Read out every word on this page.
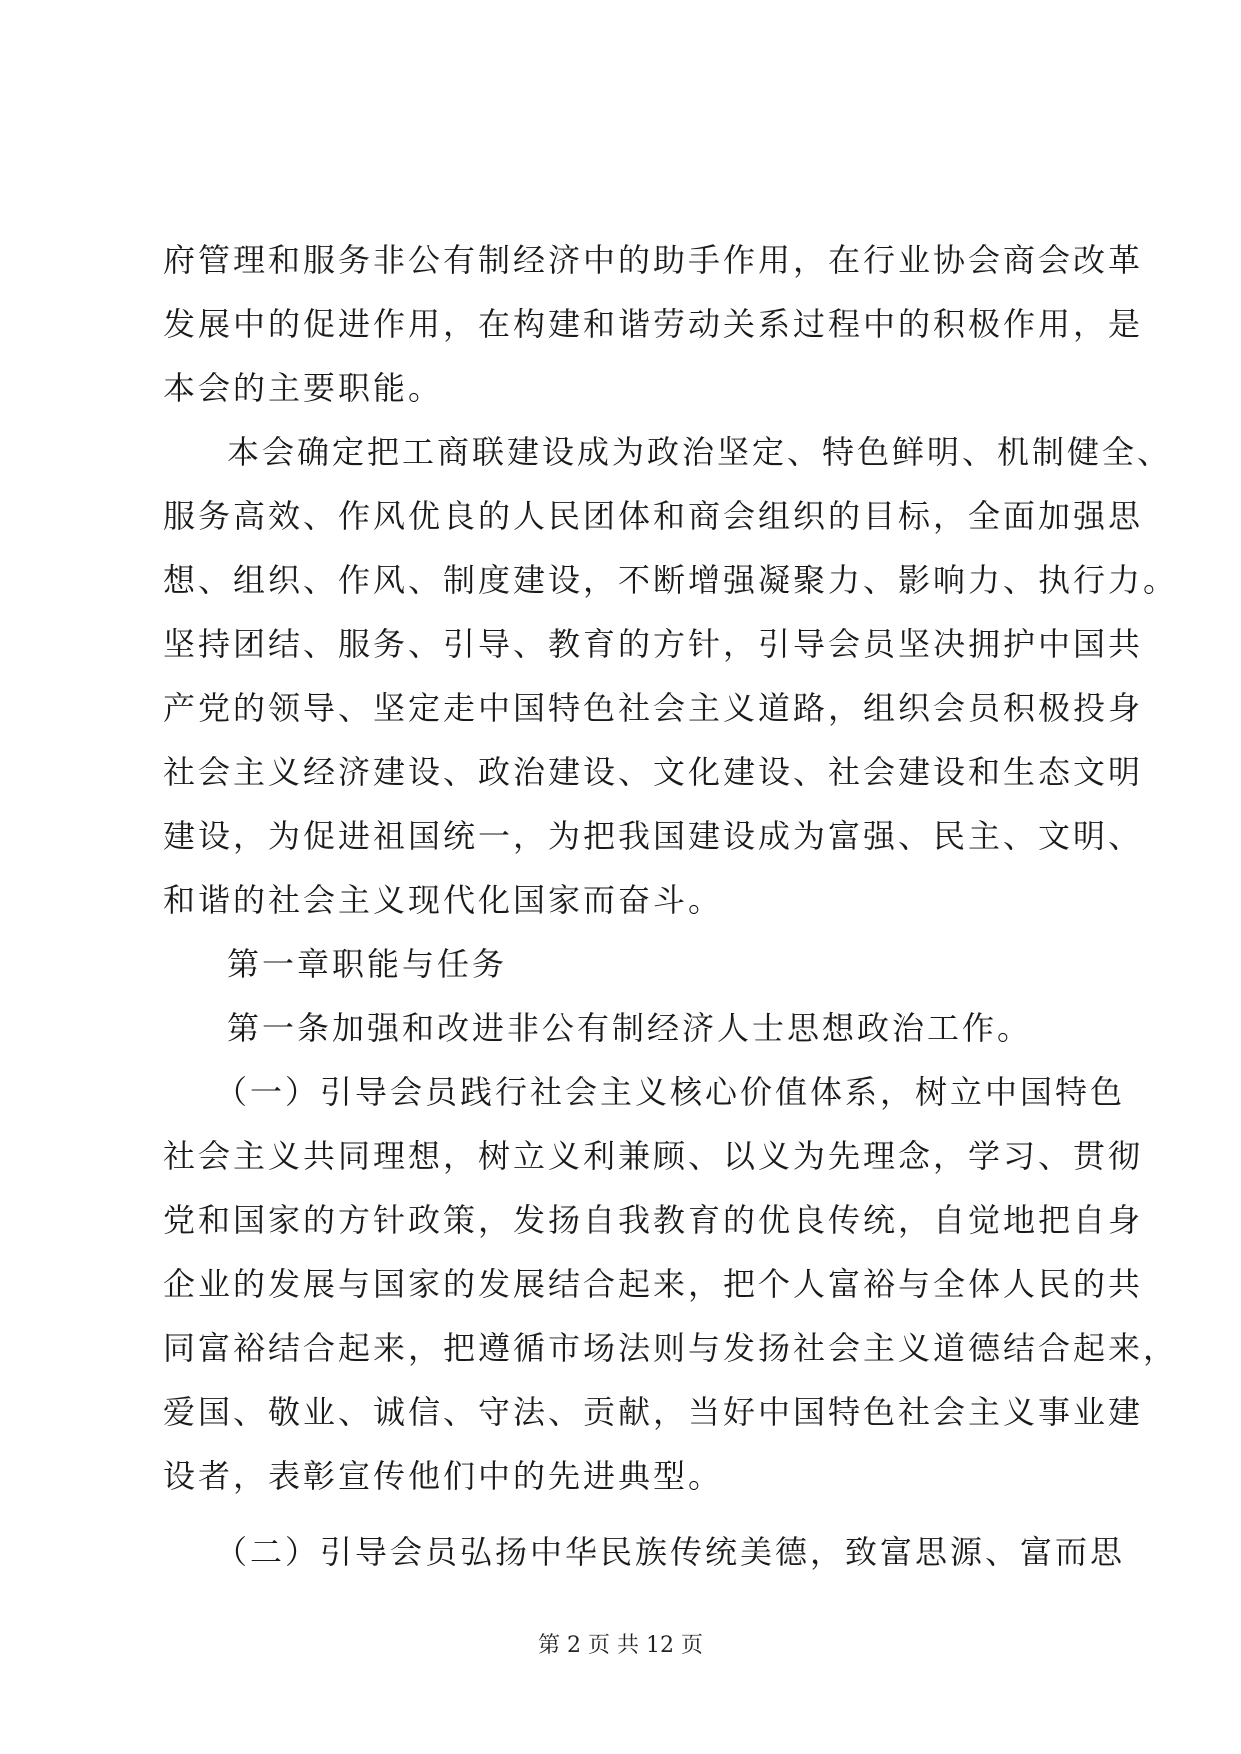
府管理和服务非公有制经济中的助手作用，在行业协会商会改革

发展中的促进作用，在构建和谐劳动关系过程中的积极作用，是

本会的主要职能。

本会确定把工商联建设成为政治坚定、特色鲜明、机制健全、

服务高效、作风优良的人民团体和商会组织的目标，全面加强思

想、组织、作风、制度建设，不断增强凝聚力、影响力、执行力。

坚持团结、服务、引导、教育的方针，引导会员坚决拥护中国共

产党的领导、坚定走中国特色社会主义道路，组织会员积极投身

社会主义经济建设、政治建设、文化建设、社会建设和生态文明

建设，为促进祖国统一，为把我国建设成为富强、民主、文明、

和谐的社会主义现代化国家而奋斗。

第一章职能与任务

第一条加强和改进非公有制经济人士思想政治工作。

（一）引导会员践行社会主义核心价值体系，树立中国特色

社会主义共同理想，树立义利兼顾、以义为先理念，学习、贯彻

党和国家的方针政策，发扬自我教育的优良传统，自觉地把自身

企业的发展与国家的发展结合起来，把个人富裕与全体人民的共

同富裕结合起来，把遵循市场法则与发扬社会主义道德结合起来，

爱国、敬业、诚信、守法、贡献，当好中国特色社会主义事业建

设者，表彰宣传他们中的先进典型。

（二）引导会员弘扬中华民族传统美德，致富思源、富而思

第 2 页 共 12 页
